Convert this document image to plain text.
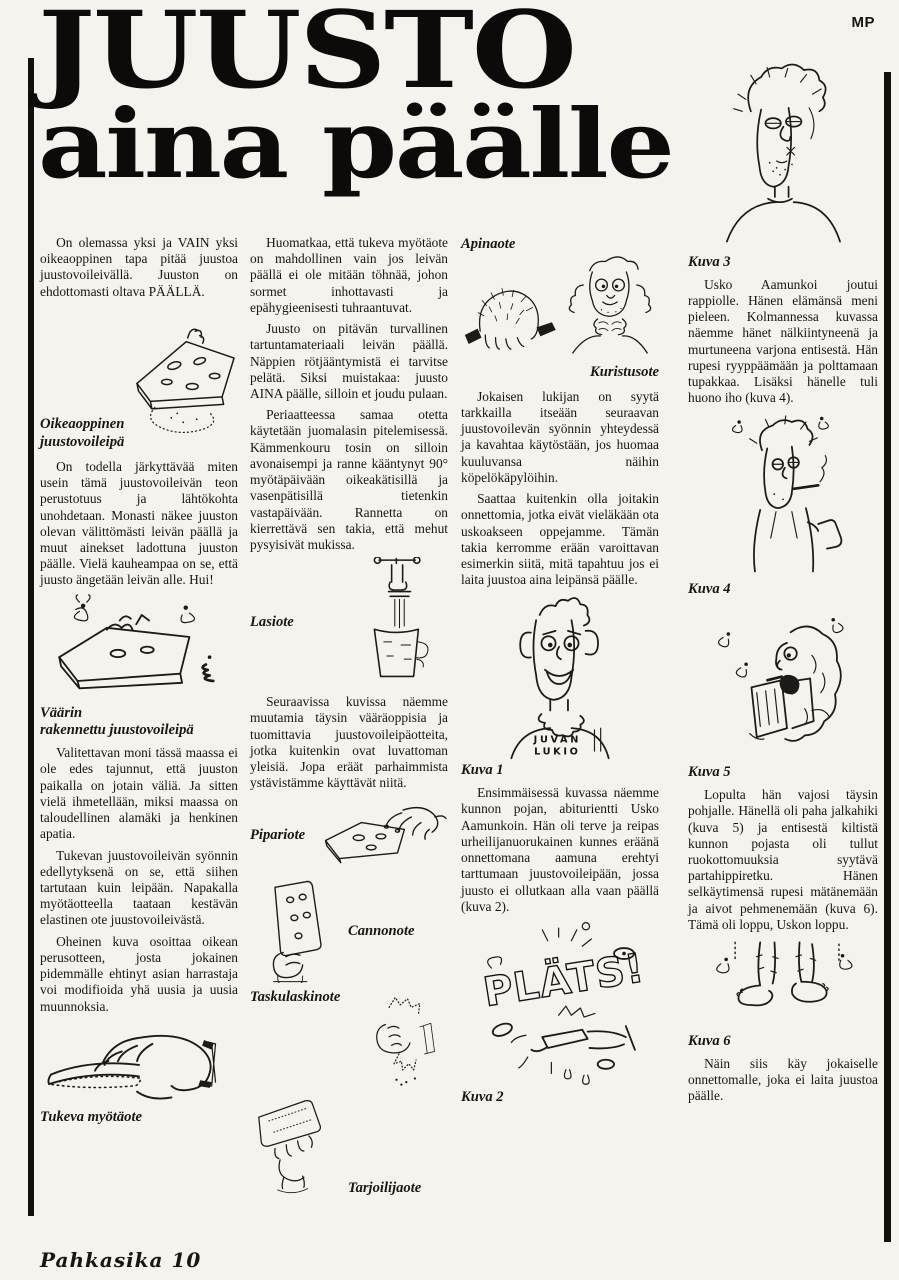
MP
JUUSTO
aina päälle

On olemassa yksi ja VAIN yksi oikeaoppinen tapa pitää juustoa juustovoileivällä. Juuston on ehdottomasti oltava PÄÄLLÄ.

Oikeaoppinen juustovoileipä

On todella järkyttävää miten usein tämä juustovoileivän teon perustotuus ja lähtökohta unohdetaan. Monasti näkee juuston olevan välittömästi leivän päällä ja muut ainekset ladottuna juuston päälle. Vielä kauheampaa on se, että juusto ängetään leivän alle. Hui!

Väärin
rakennettu juustovoileipä

Valitettavan moni tässä maassa ei ole edes tajunnut, että juuston paikalla on jotain väliä. Ja sitten vielä ihmetellään, miksi maassa on taloudellinen alamäki ja henkinen apatia.

Tukevan juustovoileivän syönnin edellytyksenä on se, että siihen tartutaan kuin leipään. Napakalla myötäotteella taataan kestävän elastinen ote juustovoileivästä.

Oheinen kuva osoittaa oikean perusotteen, josta jokainen pidemmälle ehtinyt asian harrastaja voi modifioida yhä uusia ja uusia muunnoksia.

Tukeva myötäote

Huomatkaa, että tukeva myötäote on mahdollinen vain jos leivän päällä ei ole mitään töhnää, johon sormet inhottavasti ja epähygieenisesti tuhraantuvat.

Juusto on pitävän turvallinen tartuntamateriaali leivän päällä. Näppien rötjääntymistä ei tarvitse pelätä. Siksi muistakaa: juusto AINA päälle, silloin et joudu pulaan.

Periaatteessa samaa otetta käytetään juomalasin pitelemisessä. Kämmenkouru tosin on silloin avonaisempi ja ranne kääntynyt 90° myötäpäivään oikeakätisillä ja vasenpätisillä tietenkin vastapäivään. Rannetta on kierrettävä sen takia, että mehut pysyisivät mukissa.

Lasiote

Seuraavissa kuvissa näemme muutamia täysin vääräoppisia ja tuomittavia juustovoileipäotteita, jotka kuitenkin ovat luvattoman yleisiä. Jopa eräät parhaimmista ystävistämme käyttävät niitä.

Pipariote
Cannonote
Taskulaskinote
Tarjoilijaote
Apinaote
Kuristusote

Jokaisen lukijan on syytä tarkkailla itseään seuraavan juustovoilevän syönnin yhteydessä ja kavahtaa käytöstään, jos huomaa kuuluvansa näihin köpelökäpylöihin.

Saattaa kuitenkin olla joitakin onnettomia, jotka eivät vieläkään ota uskoakseen oppejamme. Tämän takia kerromme erään varoittavan esimerkin siitä, mitä tapahtuu jos ei laita juustoa aina leipänsä päälle.

JUVAN
LUKIO
Kuva 1

Ensimmäisessä kuvassa näemme kunnon pojan, abiturientti Usko Aamunkoin. Hän oli terve ja reipas urheilijanuorukainen kunnes eräänä onnettomana aamuna erehtyi tarttumaan juustovoileipään, jossa juusto ei ollutkaan alla vaan päällä (kuva 2).

PLÄTS!
Kuva 2
Kuva 3

Usko Aamunkoi joutui rappiolle. Hänen elämänsä meni pieleen. Kolmannessa kuvassa näemme hänet nälkiintyneenä ja murtuneena varjona entisestä. Hän rupesi ryyppäämään ja polttamaan tupakkaa. Lisäksi hänelle tuli huono iho (kuva 4).

Kuva 4
Kuva 5

Lopulta hän vajosi täysin pohjalle. Hänellä oli paha jalkahiki (kuva 5) ja entisestä kiltistä kunnon pojasta oli tullut ruokottomuuksia syytävä partahippiretku. Hänen selkäytimensä rupesi mätänemään ja aivot pehmenemään (kuva 6). Tämä oli loppu, Uskon loppu.

Kuva 6

Näin siis käy jokaiselle onnettomalle, joka ei laita juustoa päälle.

Pahkasika 10
